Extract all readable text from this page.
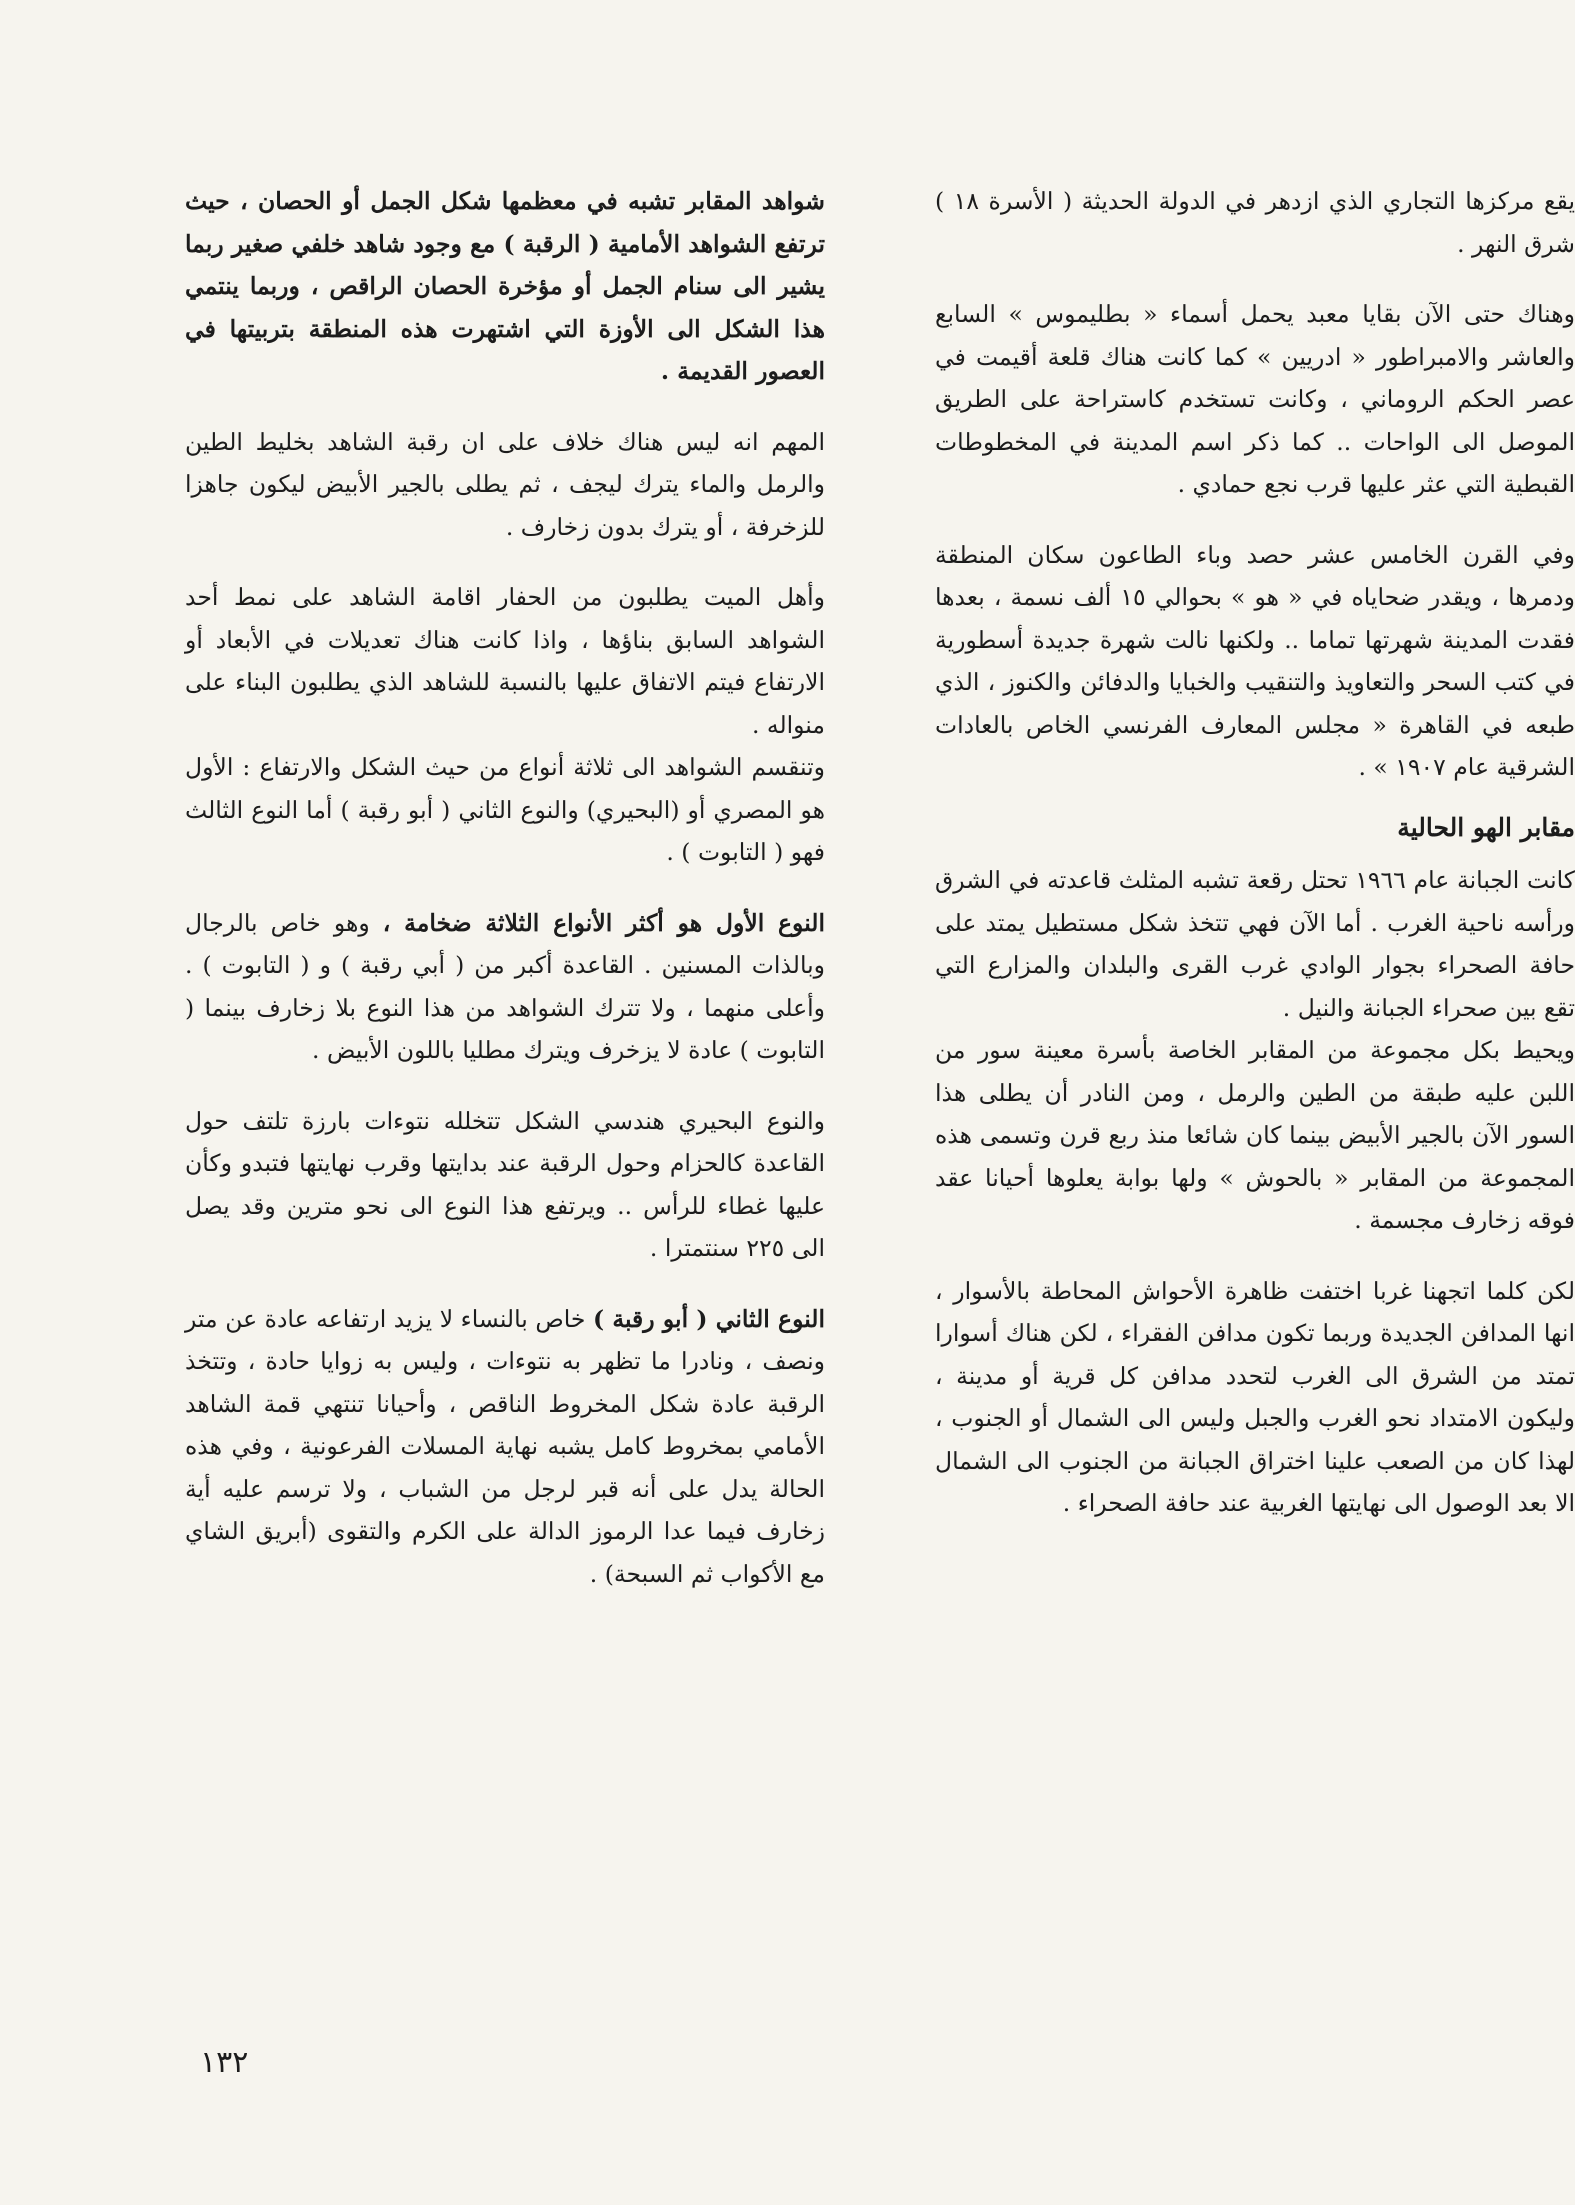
يقع مركزها التجاري الذي ازدهر في الدولة الحديثة ( الأسرة ١٨ ) شرق النهر .

وهناك حتى الآن بقايا معبد يحمل أسماء « بطليموس » السابع والعاشر والامبراطور « ادريين » كما كانت هناك قلعة أقيمت في عصر الحكم الروماني ، وكانت تستخدم كاستراحة على الطريق الموصل الى الواحات .. كما ذكر اسم المدينة في المخطوطات القبطية التي عثر عليها قرب نجع حمادي .

وفي القرن الخامس عشر حصد وباء الطاعون سكان المنطقة ودمرها ، ويقدر ضحاياه في « هو » بحوالي ١٥ ألف نسمة ، بعدها فقدت المدينة شهرتها تماما .. ولكنها نالت شهرة جديدة أسطورية في كتب السحر والتعاويذ والتنقيب والخبايا والدفائن والكنوز ، الذي طبعه في القاهرة « مجلس المعارف الفرنسي الخاص بالعادات الشرقية عام ١٩٠٧ » .

مقابر الهو الحالية

كانت الجبانة عام ١٩٦٦ تحتل رقعة تشبه المثلث قاعدته في الشرق ورأسه ناحية الغرب . أما الآن فهي تتخذ شكل مستطيل يمتد على حافة الصحراء بجوار الوادي غرب القرى والبلدان والمزارع التي تقع بين صحراء الجبانة والنيل .

ويحيط بكل مجموعة من المقابر الخاصة بأسرة معينة سور من اللبن عليه طبقة من الطين والرمل ، ومن النادر أن يطلى هذا السور الآن بالجير الأبيض بينما كان شائعا منذ ربع قرن وتسمى هذه المجموعة من المقابر « بالحوش » ولها بوابة يعلوها أحيانا عقد فوقه زخارف مجسمة .

لكن كلما اتجهنا غربا اختفت ظاهرة الأحواش المحاطة بالأسوار ، انها المدافن الجديدة وربما تكون مدافن الفقراء ، لكن هناك أسوارا تمتد من الشرق الى الغرب لتحدد مدافن كل قرية أو مدينة ، وليكون الامتداد نحو الغرب والجبل وليس الى الشمال أو الجنوب ، لهذا كان من الصعب علينا اختراق الجبانة من الجنوب الى الشمال الا بعد الوصول الى نهايتها الغربية عند حافة الصحراء .

شواهد المقابر تشبه في معظمها شكل الجمل أو الحصان ، حيث ترتفع الشواهد الأمامية ( الرقبة ) مع وجود شاهد خلفي صغير ربما يشير الى سنام الجمل أو مؤخرة الحصان الراقص ، وربما ينتمي هذا الشكل الى الأوزة التي اشتهرت هذه المنطقة بتربيتها في العصور القديمة .

المهم انه ليس هناك خلاف على ان رقبة الشاهد بخليط الطين والرمل والماء يترك ليجف ، ثم يطلى بالجير الأبيض ليكون جاهزا للزخرفة ، أو يترك بدون زخارف .

وأهل الميت يطلبون من الحفار اقامة الشاهد على نمط أحد الشواهد السابق بناؤها ، واذا كانت هناك تعديلات في الأبعاد أو الارتفاع فيتم الاتفاق عليها بالنسبة للشاهد الذي يطلبون البناء على منواله .

وتنقسم الشواهد الى ثلاثة أنواع من حيث الشكل والارتفاع : الأول هو المصري أو (البحيري) والنوع الثاني ( أبو رقبة ) أما النوع الثالث فهو ( التابوت ) .

النوع الأول هو أكثر الأنواع الثلاثة ضخامة ، وهو خاص بالرجال وبالذات المسنين . القاعدة أكبر من ( أبي رقبة ) و ( التابوت ) . وأعلى منهما ، ولا تترك الشواهد من هذا النوع بلا زخارف بينما ( التابوت ) عادة لا يزخرف ويترك مطليا باللون الأبيض .

والنوع البحيري هندسي الشكل تتخلله نتوءات بارزة تلتف حول القاعدة كالحزام وحول الرقبة عند بدايتها وقرب نهايتها فتبدو وكأن عليها غطاء للرأس .. ويرتفع هذا النوع الى نحو مترين وقد يصل الى ٢٢٥ سنتمترا .

النوع الثاني ( أبو رقبة ) خاص بالنساء لا يزيد ارتفاعه عادة عن متر ونصف ، ونادرا ما تظهر به نتوءات ، وليس به زوايا حادة ، وتتخذ الرقبة عادة شكل المخروط الناقص ، وأحيانا تنتهي قمة الشاهد الأمامي بمخروط كامل يشبه نهاية المسلات الفرعونية ، وفي هذه الحالة يدل على أنه قبر لرجل من الشباب ، ولا ترسم عليه أية زخارف فيما عدا الرموز الدالة على الكرم والتقوى (أبريق الشاي مع الأكواب ثم السبحة) .

١٣٢
